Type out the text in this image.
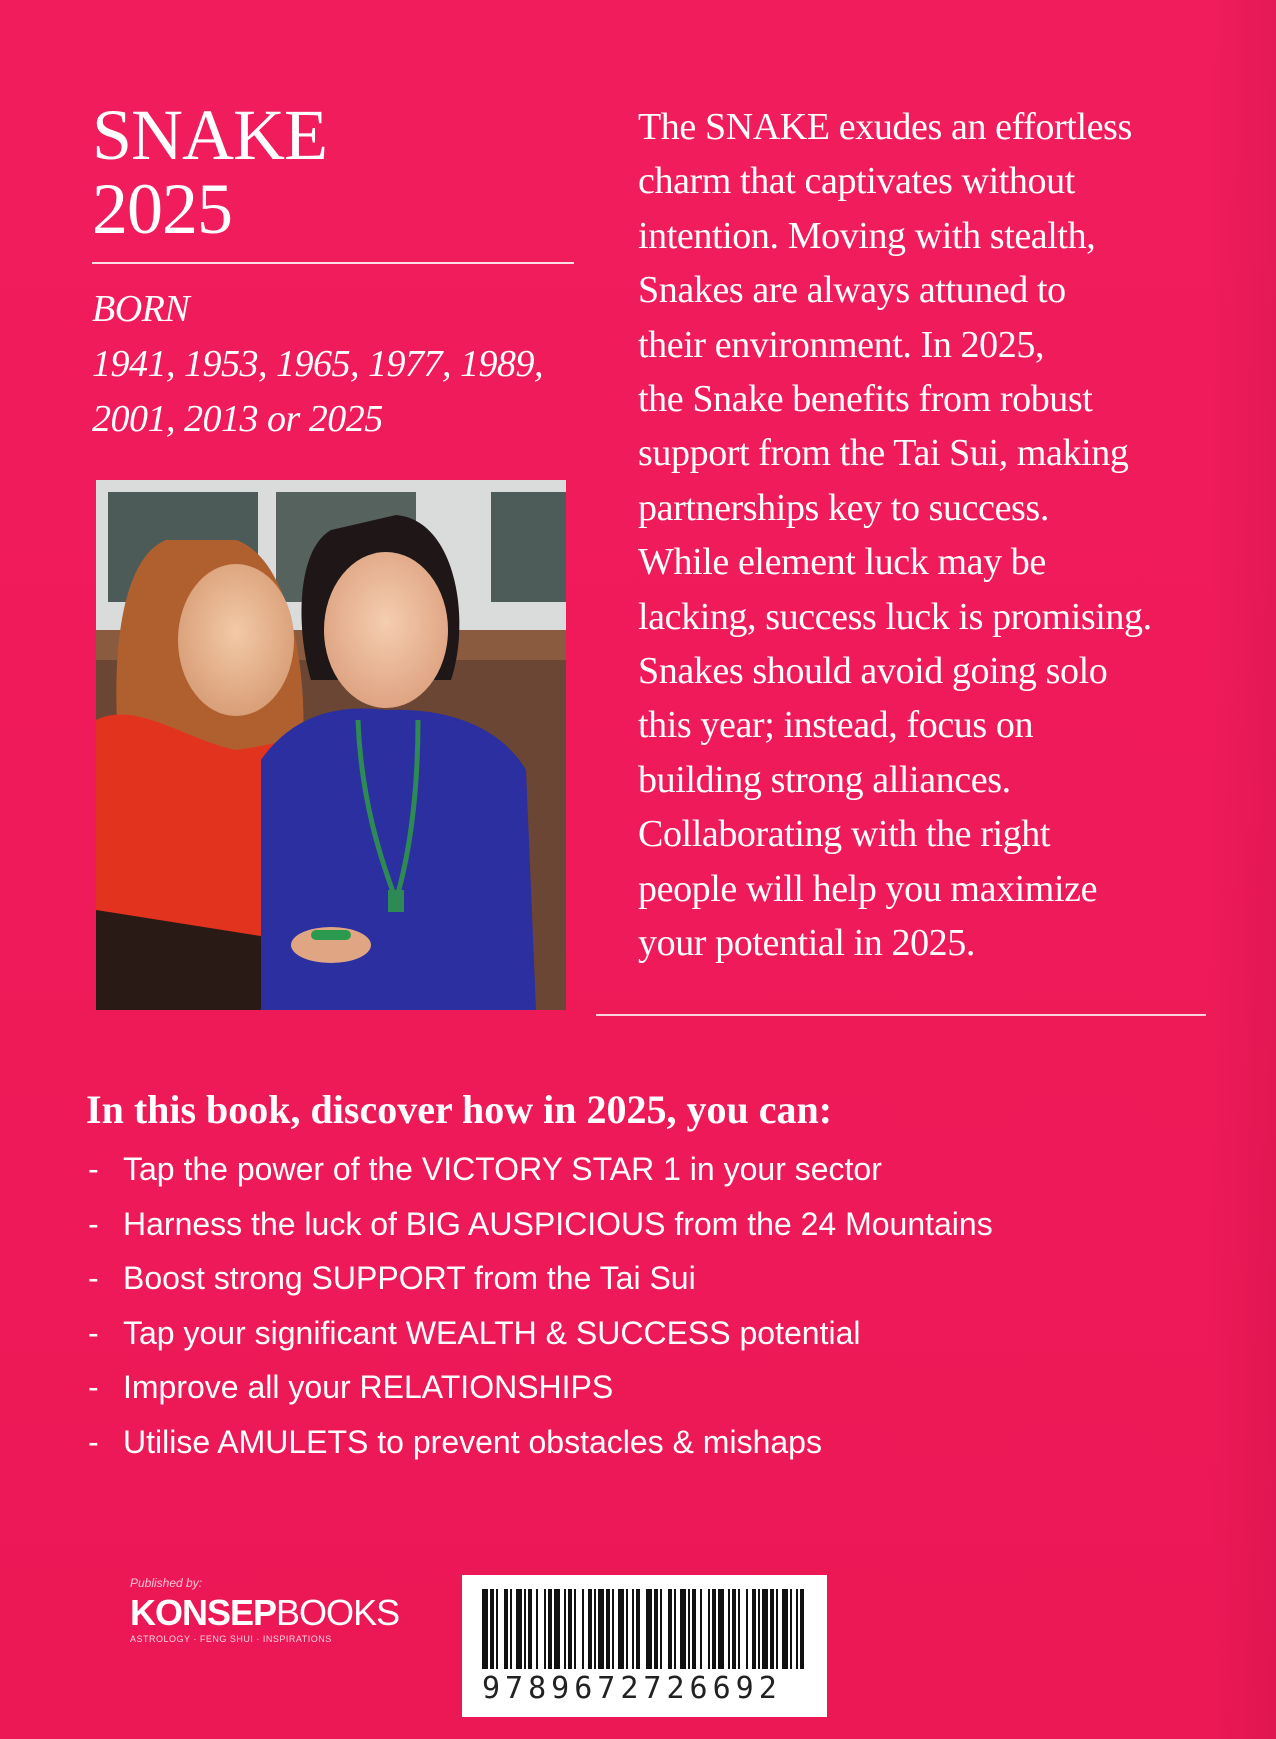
SNAKE
2025
BORN
1941, 1953, 1965, 1977, 1989,
2001, 2013 or 2025
The SNAKE exudes an effortless
charm that captivates without
intention. Moving with stealth,
Snakes are always attuned to
their environment. In 2025,
the Snake benefits from robust
support from the Tai Sui, making
partnerships key to success.
While element luck may be
lacking, success luck is promising.
Snakes should avoid going solo
this year; instead, focus on
building strong alliances.
Collaborating with the right
people will help you maximize
your potential in 2025.
In this book, discover how in 2025, you can:
- Tap the power of the VICTORY STAR 1 in your sector
- Harness the luck of BIG AUSPICIOUS from the 24 Mountains
- Boost strong SUPPORT from the Tai Sui
- Tap your significant WEALTH & SUCCESS potential
- Improve all your RELATIONSHIPS
- Utilise AMULETS to prevent obstacles & mishaps
Published by:
KONSEPBOOKS
ASTROLOGY · FENG SHUI · INSPIRATIONS
9789672726692
